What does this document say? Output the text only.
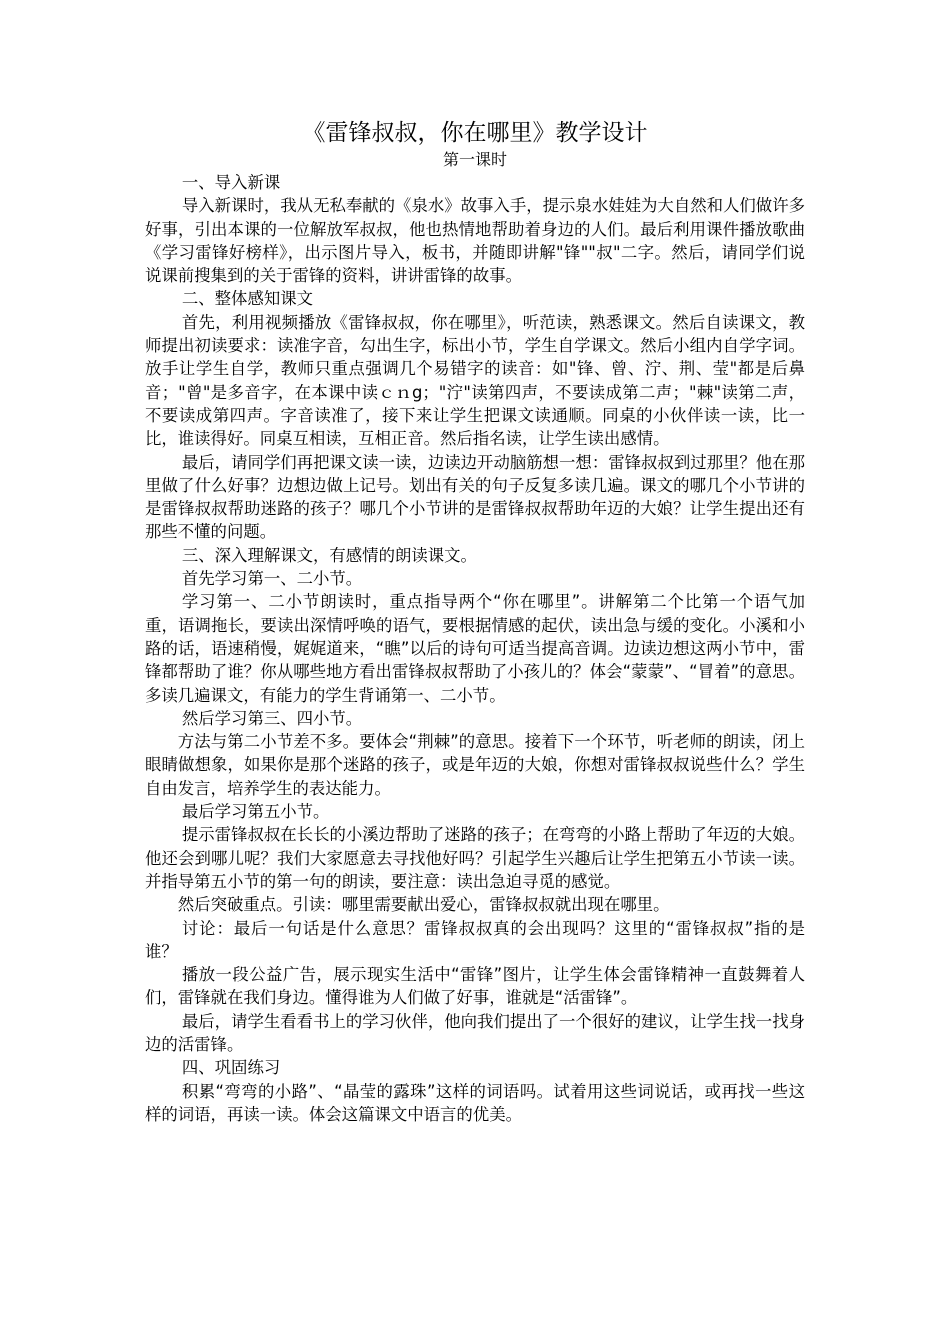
《雷锋叔叔，你在哪里》教学设计
第一课时

一、导入新课

导入新课时，我从无私奉献的《泉水》故事入手，提示泉水娃娃为大自然和人们做许多好事，引出本课的一位解放军叔叔，他也热情地帮助着身边的人们。最后利用课件播放歌曲《学习雷锋好榜样》，出示图片导入，板书，并随即讲解"锋""叔"二字。然后，请同学们说说课前搜集到的关于雷锋的资料，讲讲雷锋的故事。

二、整体感知课文

首先，利用视频播放《雷锋叔叔，你在哪里》，听范读，熟悉课文。然后自读课文，教师提出初读要求：读准字音，勾出生字，标出小节，学生自学课文。然后小组内自学字词。放手让学生自学，教师只重点强调几个易错字的读音：如"锋、曾、泞、荆、莹"都是后鼻音；"曾"是多音字，在本课中读ｃｎg；"泞"读第四声，不要读成第二声；"棘"读第二声，不要读成第四声。字音读准了，接下来让学生把课文读通顺。同桌的小伙伴读一读，比一比，谁读得好。同桌互相读，互相正音。然后指名读，让学生读出感情。

最后，请同学们再把课文读一读，边读边开动脑筋想一想：雷锋叔叔到过那里？他在那里做了什么好事？边想边做上记号。划出有关的句子反复多读几遍。课文的哪几个小节讲的是雷锋叔叔帮助迷路的孩子？哪几个小节讲的是雷锋叔叔帮助年迈的大娘？让学生提出还有那些不懂的问题。

三、深入理解课文，有感情的朗读课文。

首先学习第一、二小节。

学习第一、二小节朗读时，重点指导两个“你在哪里”。讲解第二个比第一个语气加重，语调拖长，要读出深情呼唤的语气，要根据情感的起伏，读出急与缓的变化。小溪和小路的话，语速稍慢，娓娓道来，“瞧”以后的诗句可适当提高音调。边读边想这两小节中，雷锋都帮助了谁？你从哪些地方看出雷锋叔叔帮助了小孩儿的？体会“蒙蒙”、“冒着”的意思。多读几遍课文，有能力的学生背诵第一、二小节。

然后学习第三、四小节。

方法与第二小节差不多。要体会“荆棘”的意思。接着下一个环节，听老师的朗读，闭上眼睛做想象，如果你是那个迷路的孩子，或是年迈的大娘，你想对雷锋叔叔说些什么？学生自由发言，培养学生的表达能力。

最后学习第五小节。

提示雷锋叔叔在长长的小溪边帮助了迷路的孩子；在弯弯的小路上帮助了年迈的大娘。他还会到哪儿呢？我们大家愿意去寻找他好吗？引起学生兴趣后让学生把第五小节读一读。并指导第五小节的第一句的朗读，要注意：读出急迫寻觅的感觉。

然后突破重点。引读：哪里需要献出爱心，雷锋叔叔就出现在哪里。

讨论：最后一句话是什么意思？雷锋叔叔真的会出现吗？这里的“雷锋叔叔”指的是谁？

播放一段公益广告，展示现实生活中“雷锋”图片，让学生体会雷锋精神一直鼓舞着人们，雷锋就在我们身边。懂得谁为人们做了好事，谁就是“活雷锋”。

最后，请学生看看书上的学习伙伴，他向我们提出了一个很好的建议，让学生找一找身边的活雷锋。

四、巩固练习

积累“弯弯的小路”、“晶莹的露珠”这样的词语吗。试着用这些词说话，或再找一些这样的词语，再读一读。体会这篇课文中语言的优美。
